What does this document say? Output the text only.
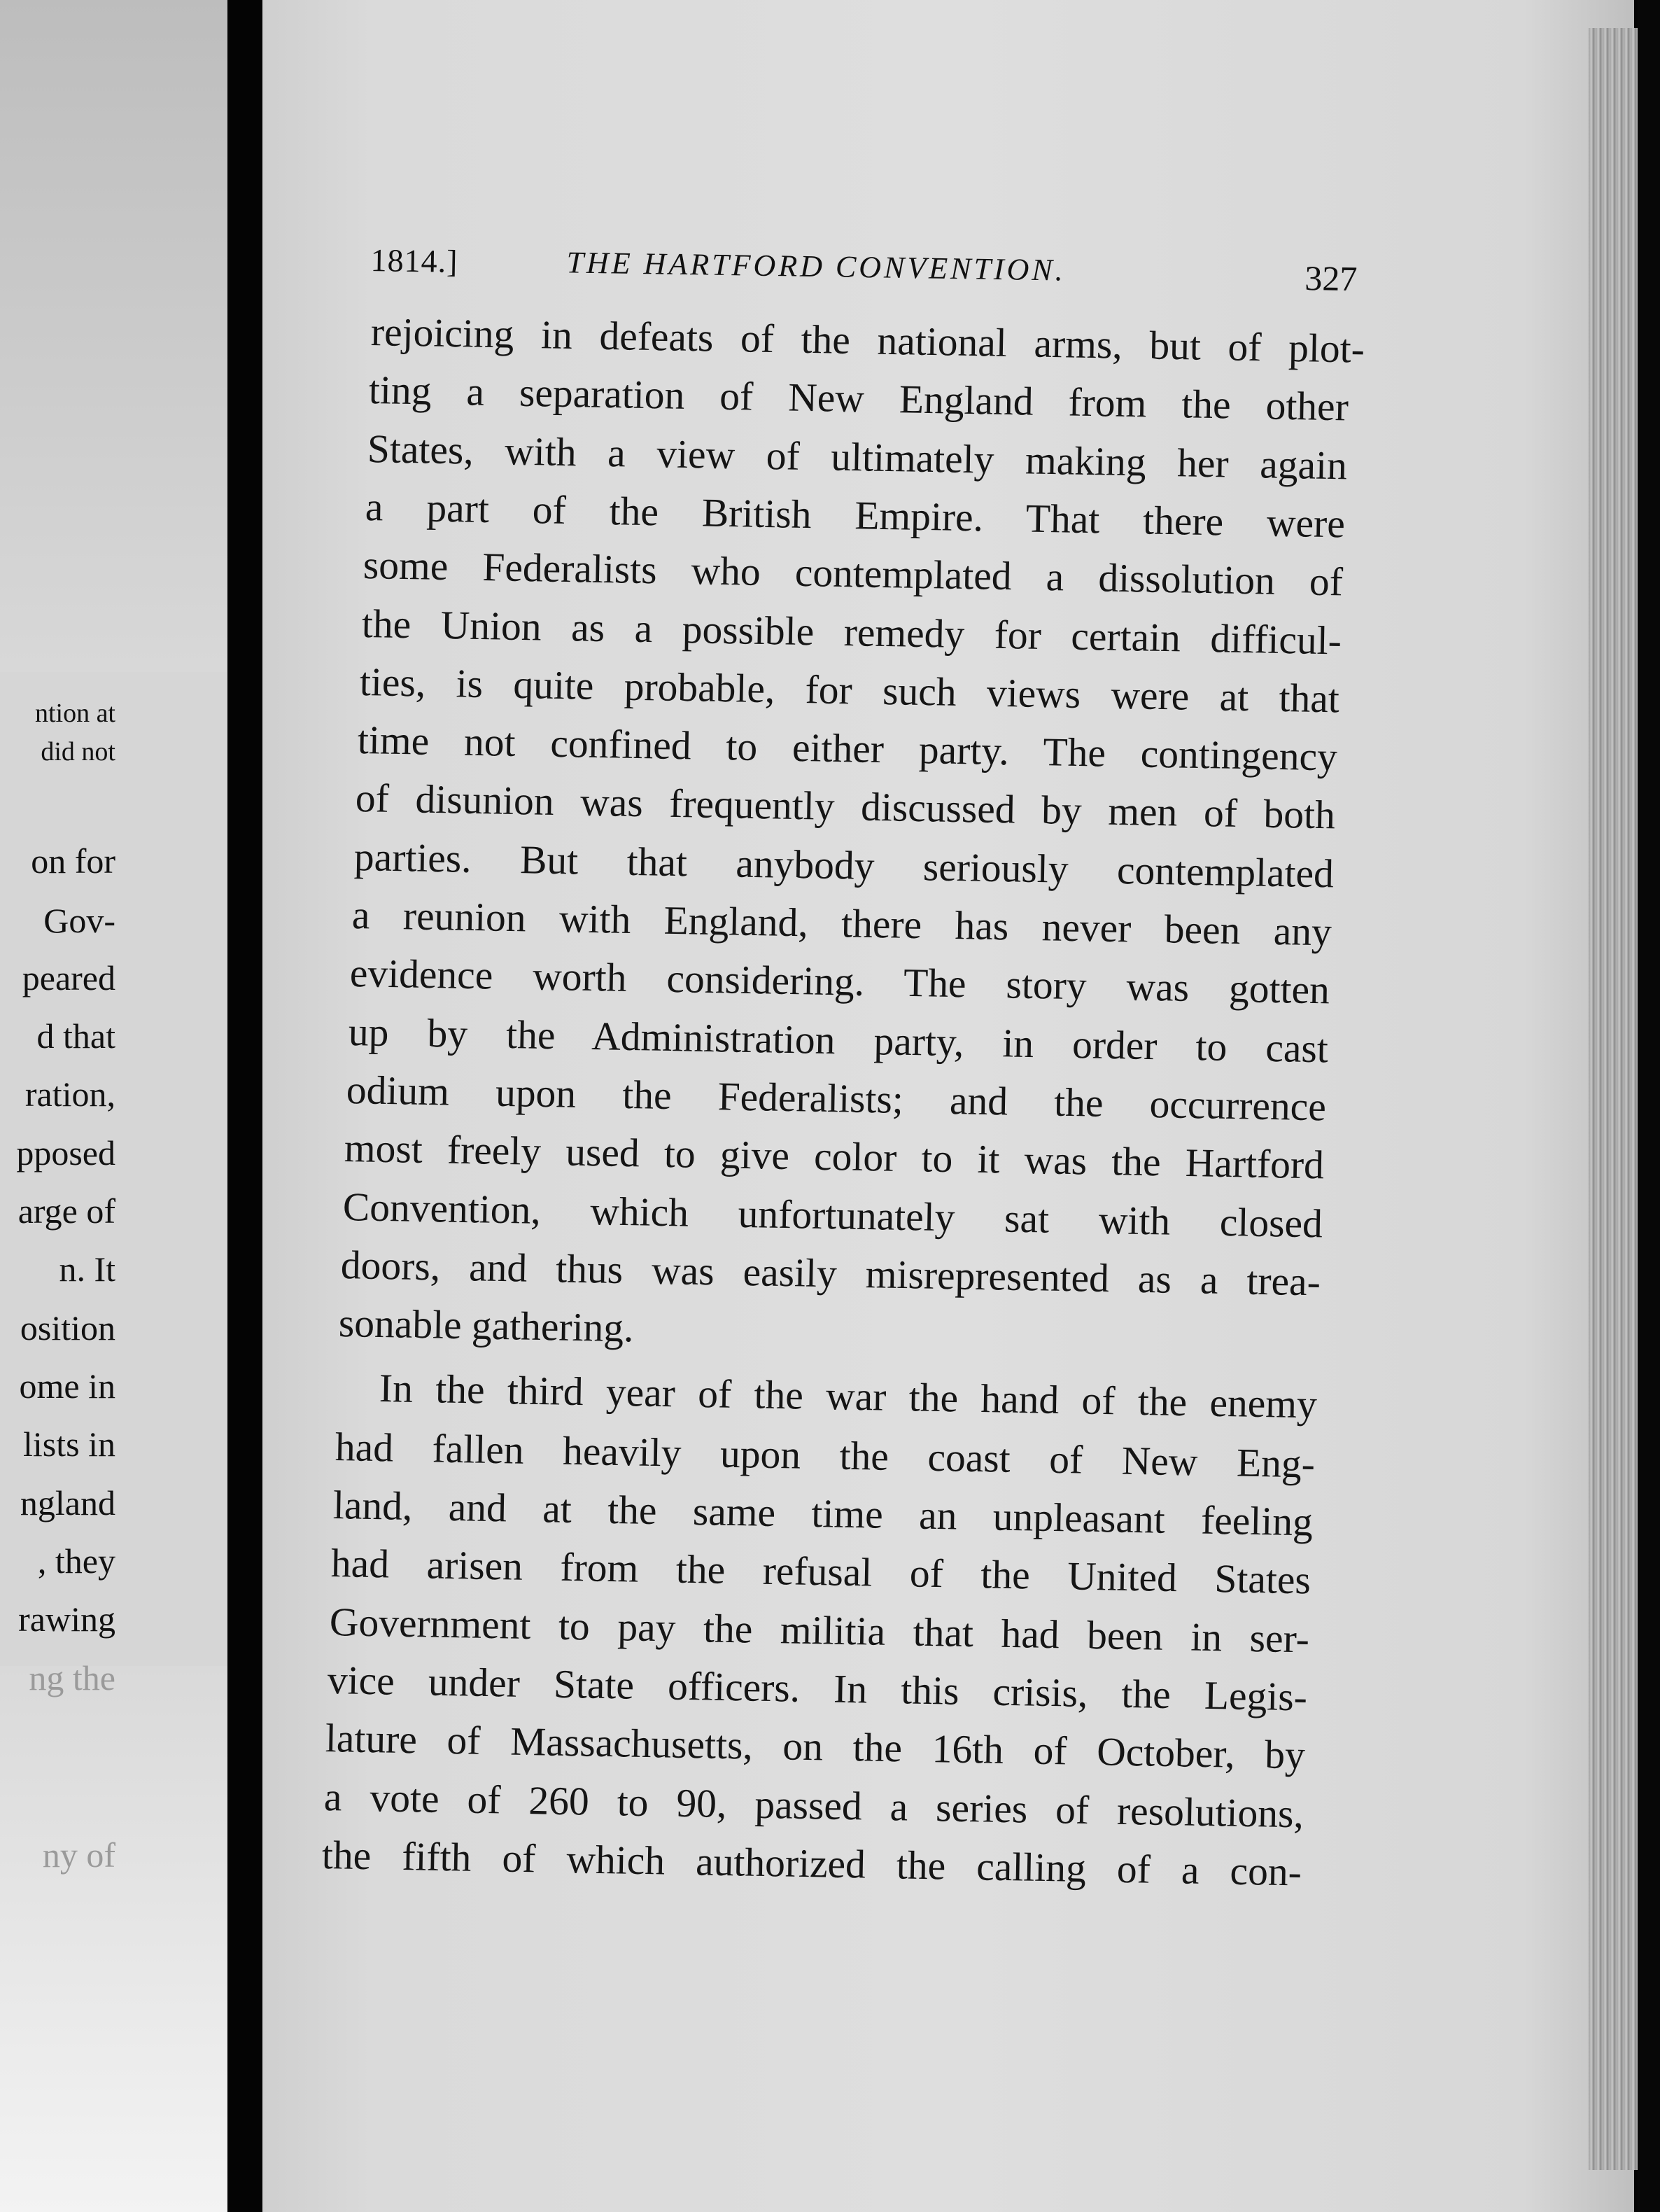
ntion at
did not
on for
Gov-
peared
d that
ration,
pposed
arge of
n. It
osition
ome in
lists in
ngland
, they
rawing
ng the
ny of
1814.]	THE HARTFORD CONVENTION.	327
rejoicing in defeats of the national arms, but of plot-
ting a separation of New England from the other
States, with a view of ultimately making her again
a part of the British Empire. That there were
some Federalists who contemplated a dissolution of
the Union as a possible remedy for certain difficul-
ties, is quite probable, for such views were at that
time not confined to either party. The contingency
of disunion was frequently discussed by men of both
parties. But that anybody seriously contemplated
a reunion with England, there has never been any
evidence worth considering. The story was gotten
up by the Administration party, in order to cast
odium upon the Federalists; and the occurrence
most freely used to give color to it was the Hartford
Convention, which unfortunately sat with closed
doors, and thus was easily misrepresented as a trea-
sonable gathering.
In the third year of the war the hand of the enemy
had fallen heavily upon the coast of New Eng-
land, and at the same time an unpleasant feeling
had arisen from the refusal of the United States
Government to pay the militia that had been in ser-
vice under State officers. In this crisis, the Legis-
lature of Massachusetts, on the 16th of October, by
a vote of 260 to 90, passed a series of resolutions,
the fifth of which authorized the calling of a con-
